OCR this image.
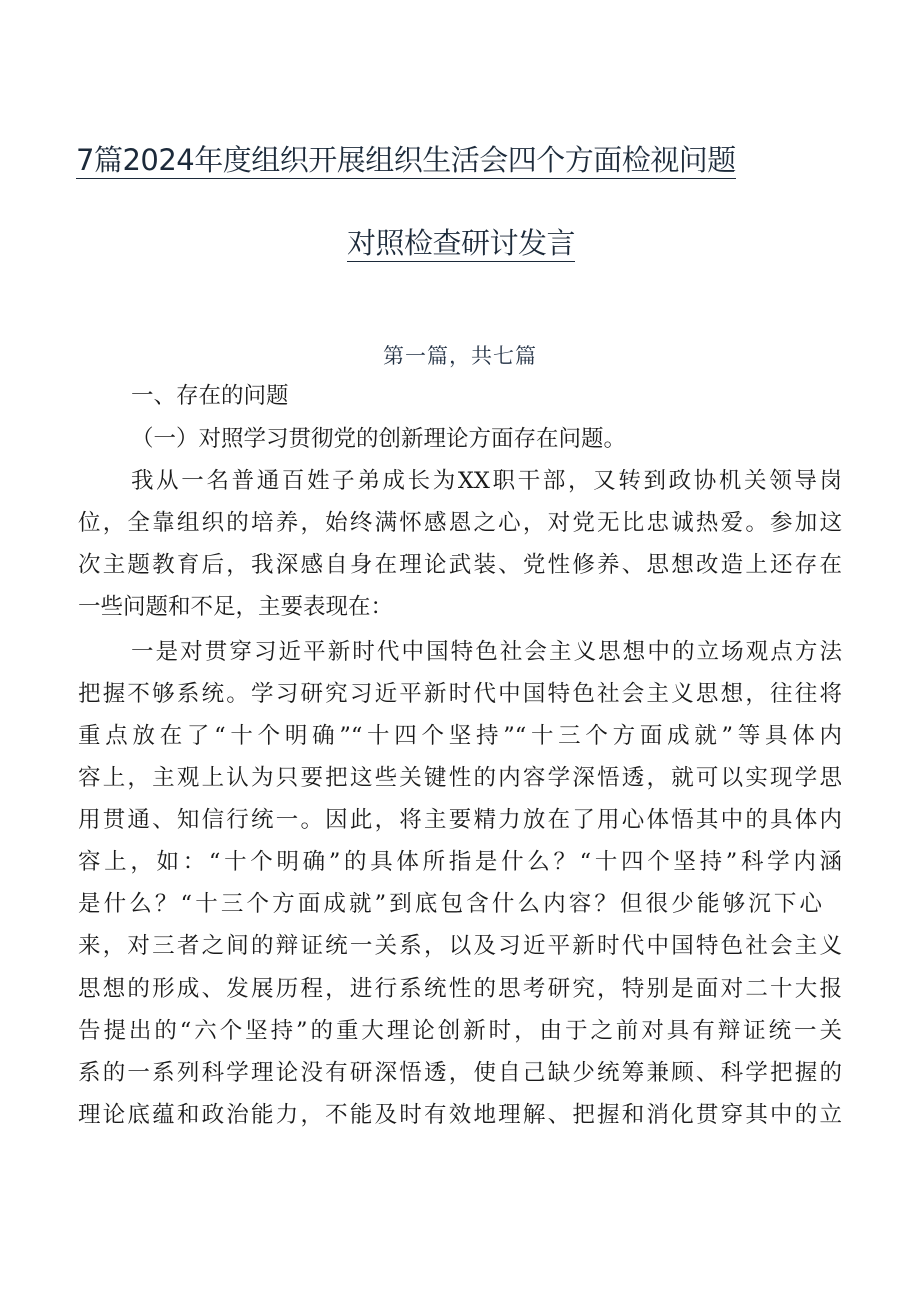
7篇2024年度组织开展组织生活会四个方面检视问题
对照检查研讨发言
第一篇，共七篇
一、存在的问题
（一）对照学习贯彻党的创新理论方面存在问题。
我从一名普通百姓子弟成长为XX职干部，又转到政协机关领导岗
位，全靠组织的培养，始终满怀感恩之心，对党无比忠诚热爱。参加这
次主题教育后，我深感自身在理论武装、党性修养、思想改造上还存在
一些问题和不足，主要表现在：
一是对贯穿习近平新时代中国特色社会主义思想中的立场观点方法
把握不够系统。学习研究习近平新时代中国特色社会主义思想，往往将
重点放在了“十个明确”“十四个坚持”“十三个方面成就”等具体内
容上，主观上认为只要把这些关键性的内容学深悟透，就可以实现学思
用贯通、知信行统一。因此，将主要精力放在了用心体悟其中的具体内
容上，如：“十个明确”的具体所指是什么？“十四个坚持”科学内涵
是什么？“十三个方面成就”到底包含什么内容？但很少能够沉下心
来，对三者之间的辩证统一关系，以及习近平新时代中国特色社会主义
思想的形成、发展历程，进行系统性的思考研究，特别是面对二十大报
告提出的“六个坚持”的重大理论创新时，由于之前对具有辩证统一关
系的一系列科学理论没有研深悟透，使自己缺少统筹兼顾、科学把握的
理论底蕴和政治能力，不能及时有效地理解、把握和消化贯穿其中的立
